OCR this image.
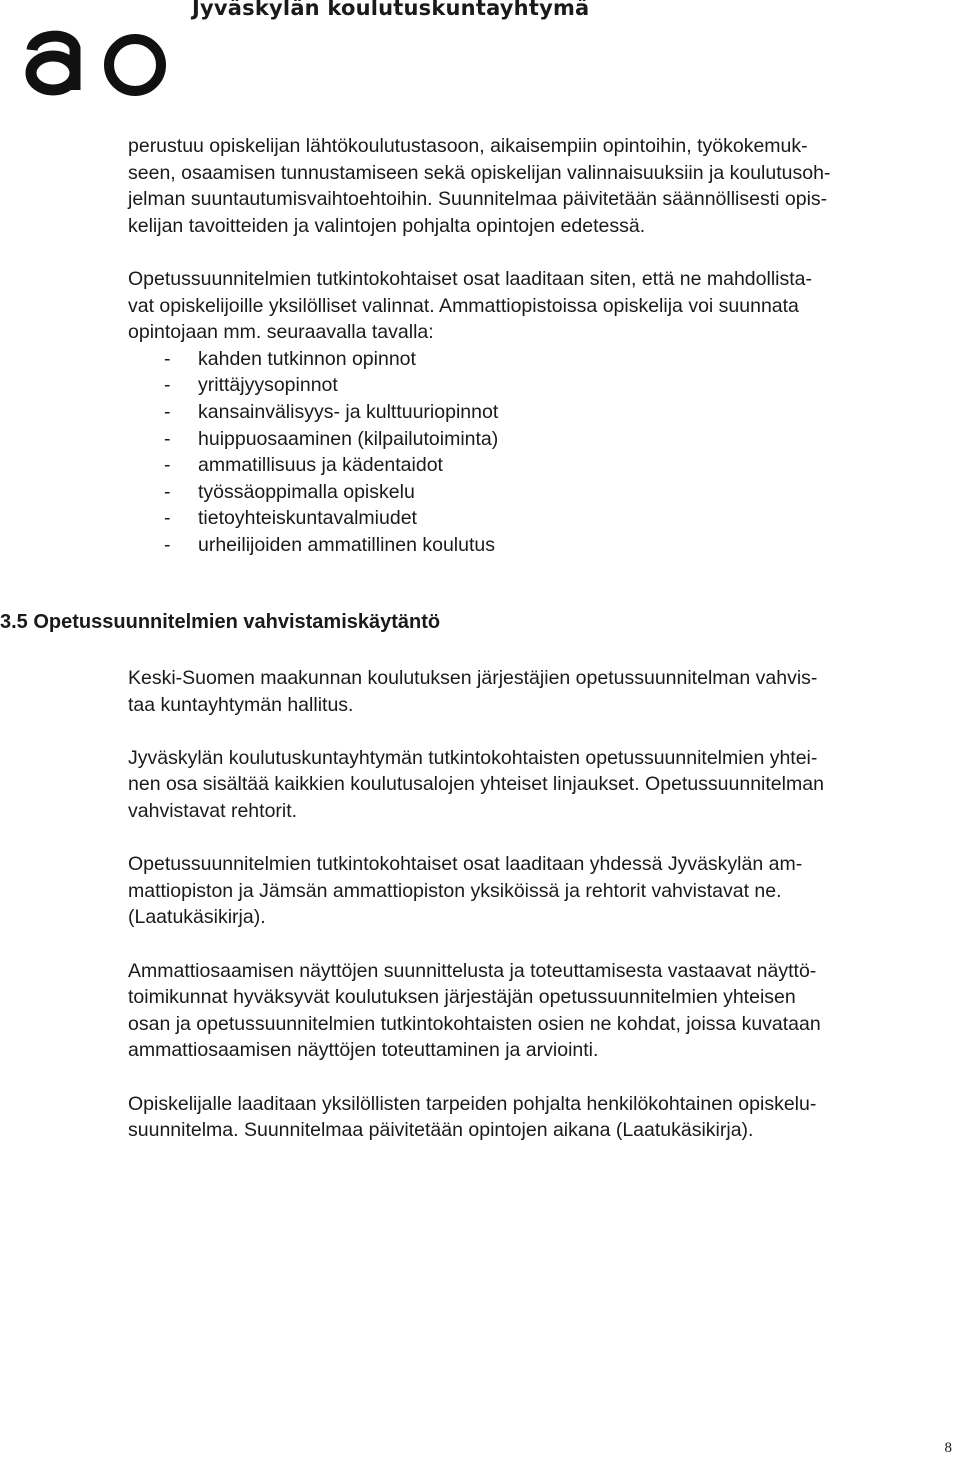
Jyväskylän koulutuskuntayhtymä

perustuu opiskelijan lähtökoulutustasoon, aikaisempiin opintoihin, työkokemuk-
seen, osaamisen tunnustamiseen sekä opiskelijan valinnaisuuksiin ja koulutusoh-
jelman suuntautumisvaihtoehtoihin. Suunnitelmaa päivitetään säännöllisesti opis-
kelijan tavoitteiden ja valintojen pohjalta opintojen edetessä.

Opetussuunnitelmien tutkintokohtaiset osat laaditaan siten, että ne mahdollista-
vat opiskelijoille yksilölliset valinnat. Ammattiopistoissa opiskelija voi suunnata
opintojaan mm. seuraavalla tavalla:

- kahden tutkinnon opinnot
- yrittäjyysopinnot
- kansainvälisyys- ja kulttuuriopinnot
- huippuosaaminen (kilpailutoiminta)
- ammatillisuus ja kädentaidot
- työssäoppimalla opiskelu
- tietoyhteiskuntavalmiudet
- urheilijoiden ammatillinen koulutus
3.5 Opetussuunnitelmien vahvistamiskäytäntö

Keski-Suomen maakunnan koulutuksen järjestäjien opetussuunnitelman vahvis-
taa kuntayhtymän hallitus.

Jyväskylän koulutuskuntayhtymän tutkintokohtaisten opetussuunnitelmien yhtei-
nen osa sisältää kaikkien koulutusalojen yhteiset linjaukset. Opetussuunnitelman
vahvistavat rehtorit.

Opetussuunnitelmien tutkintokohtaiset osat laaditaan yhdessä Jyväskylän am-
mattiopiston ja Jämsän ammattiopiston yksiköissä ja rehtorit vahvistavat ne.
(Laatukäsikirja).

Ammattiosaamisen näyttöjen suunnittelusta ja toteuttamisesta vastaavat näyttö-
toimikunnat hyväksyvät koulutuksen järjestäjän opetussuunnitelmien yhteisen
osan ja opetussuunnitelmien tutkintokohtaisten osien ne kohdat, joissa kuvataan
ammattiosaamisen näyttöjen toteuttaminen ja arviointi.

Opiskelijalle laaditaan yksilöllisten tarpeiden pohjalta henkilökohtainen opiskelu-
suunnitelma. Suunnitelmaa päivitetään opintojen aikana (Laatukäsikirja).

8
